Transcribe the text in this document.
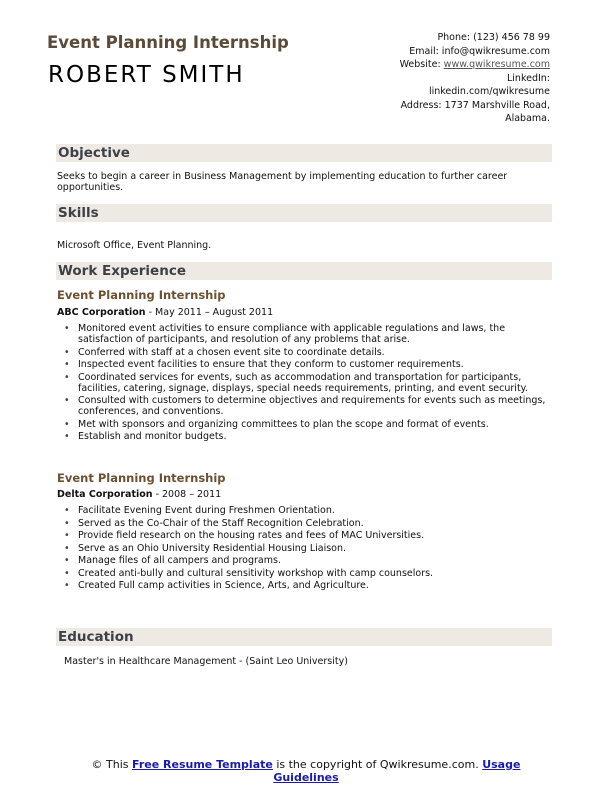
Event Planning Internship
ROBERT SMITH
Phone: (123) 456 78 99
Email: info@qwikresume.com
Website: www.qwikresume.com
LinkedIn:
linkedin.com/qwikresume
Address: 1737 Marshville Road, Alabama.
Objective
Seeks to begin a career in Business Management by implementing education to further career opportunities.
Skills
Microsoft Office, Event Planning.
Work Experience
Event Planning Internship
ABC Corporation - May 2011 – August 2011
• Monitored event activities to ensure compliance with applicable regulations and laws, the satisfaction of participants, and resolution of any problems that arise.
• Conferred with staff at a chosen event site to coordinate details.
• Inspected event facilities to ensure that they conform to customer requirements.
• Coordinated services for events, such as accommodation and transportation for participants, facilities, catering, signage, displays, special needs requirements, printing, and event security.
• Consulted with customers to determine objectives and requirements for events such as meetings, conferences, and conventions.
• Met with sponsors and organizing committees to plan the scope and format of events.
• Establish and monitor budgets.
Event Planning Internship
Delta Corporation - 2008 – 2011
• Facilitate Evening Event during Freshmen Orientation.
• Served as the Co-Chair of the Staff Recognition Celebration.
• Provide field research on the housing rates and fees of MAC Universities.
• Serve as an Ohio University Residential Housing Liaison.
• Manage files of all campers and programs.
• Created anti-bully and cultural sensitivity workshop with camp counselors.
• Created Full camp activities in Science, Arts, and Agriculture.
Education
Master's in Healthcare Management - (Saint Leo University)
© This Free Resume Template is the copyright of Qwikresume.com. Usage Guidelines
